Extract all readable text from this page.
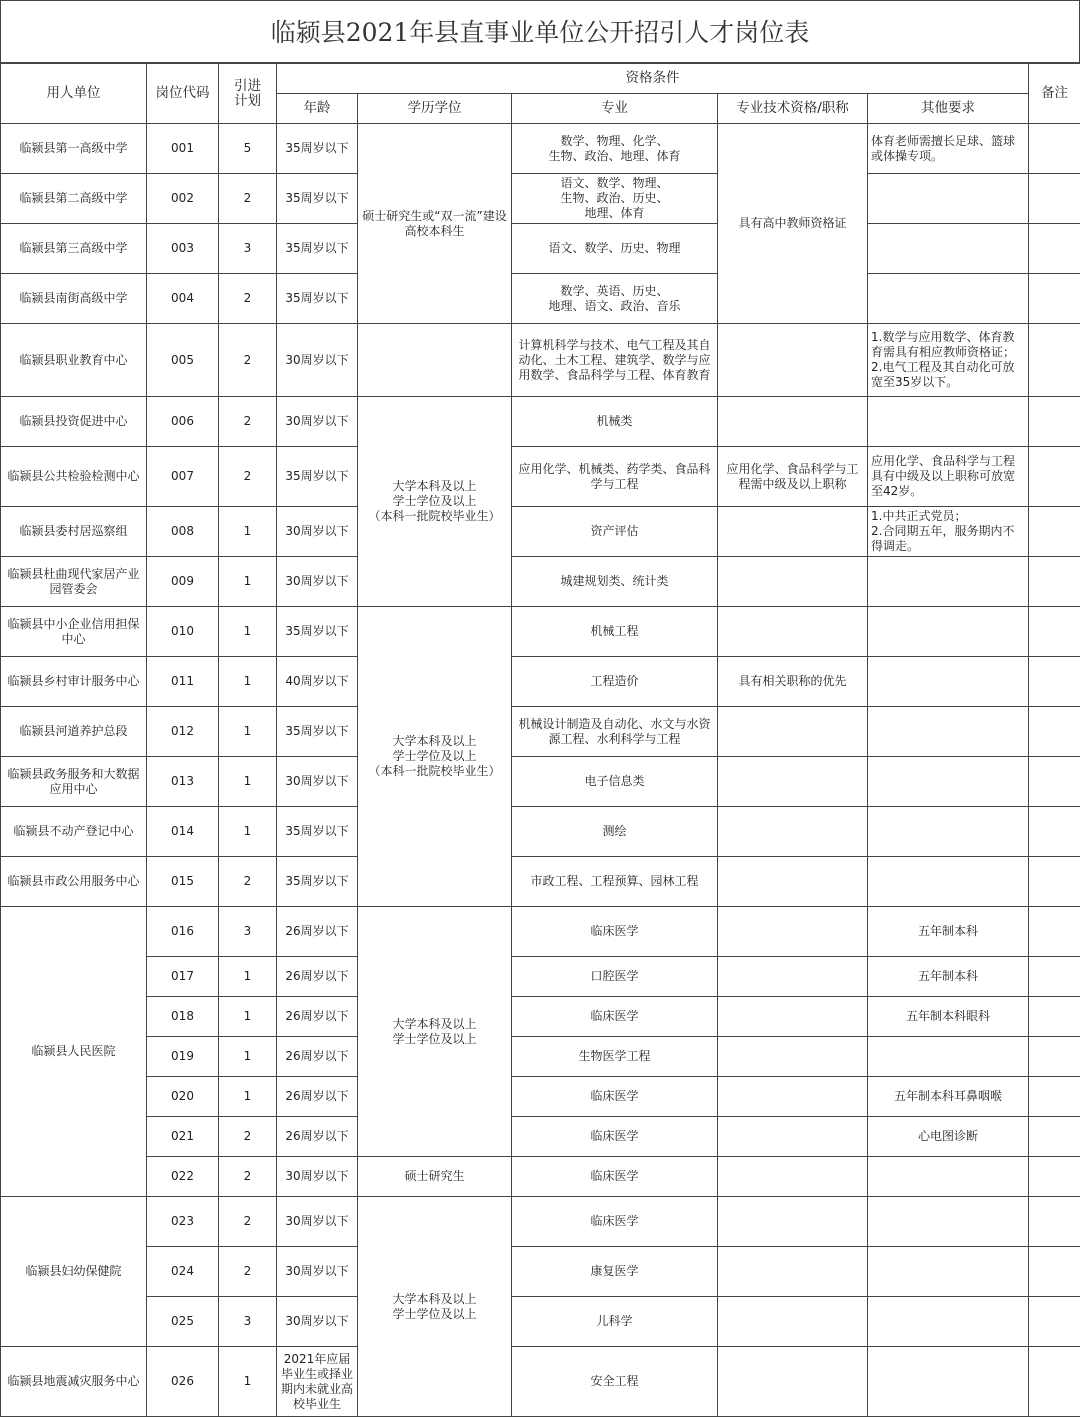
临颍县2021年县直事业单位公开招引人才岗位表
用人单位	岗位代码	引进计划	资格条件					备注
			年龄	学历学位	专业	专业技术资格/职称	其他要求	
临颍县第一高级中学	001	5	35周岁以下	硕士研究生或“双一流”建设高校本科生	数学、物理、化学、
生物、政治、地理、体育	具有高中教师资格证	体育老师需擅长足球、篮球或体操专项。	
临颍县第二高级中学	002	2	35周岁以下		语文、数学、物理、
生物、政治、历史、
地理、体育			
临颍县第三高级中学	003	3	35周岁以下		语文、数学、历史、物理			
临颍县南街高级中学	004	2	35周岁以下		数学、英语、历史、
地理、语文、政治、音乐			
临颍县职业教育中心	005	2	30周岁以下		计算机科学与技术、电气工程及其自动化、土木工程、建筑学、数学与应用数学、食品科学与工程、体育教育		1.数学与应用数学、体育教育需具有相应教师资格证；
2.电气工程及其自动化可放宽至35岁以下。	
临颍县投资促进中心	006	2	30周岁以下	大学本科及以上
学士学位及以上
（本科一批院校毕业生）	机械类			
临颍县公共检验检测中心	007	2	35周岁以下		应用化学、机械类、药学类、食品科学与工程	应用化学、食品科学与工程需中级及以上职称	应用化学、食品科学与工程具有中级及以上职称可放宽至42岁。	
临颍县委村居巡察组	008	1	30周岁以下		资产评估		1.中共正式党员；
2.合同期五年，服务期内不得调走。	
临颍县杜曲现代家居产业园管委会	009	1	30周岁以下		城建规划类、统计类			
临颍县中小企业信用担保中心	010	1	35周岁以下	大学本科及以上
学士学位及以上
（本科一批院校毕业生）	机械工程			
临颍县乡村审计服务中心	011	1	40周岁以下		工程造价	具有相关职称的优先		
临颍县河道养护总段	012	1	35周岁以下		机械设计制造及自动化、水文与水资源工程、水利科学与工程			
临颍县政务服务和大数据应用中心	013	1	30周岁以下		电子信息类			
临颍县不动产登记中心	014	1	35周岁以下		测绘			
临颍县市政公用服务中心	015	2	35周岁以下		市政工程、工程预算、园林工程			
临颍县人民医院	016	3	26周岁以下	大学本科及以上
学士学位及以上	临床医学		五年制本科	
	017	1	26周岁以下		口腔医学		五年制本科	
	018	1	26周岁以下		临床医学		五年制本科眼科	
	019	1	26周岁以下		生物医学工程			
	020	1	26周岁以下		临床医学		五年制本科耳鼻咽喉	
	021	2	26周岁以下		临床医学		心电图诊断	
	022	2	30周岁以下	硕士研究生	临床医学			
临颍县妇幼保健院	023	2	30周岁以下	大学本科及以上
学士学位及以上	临床医学			
	024	2	30周岁以下		康复医学			
	025	3	30周岁以下		儿科学			
临颍县地震减灾服务中心	026	1	2021年应届毕业生或择业期内未就业高校毕业生		安全工程			
